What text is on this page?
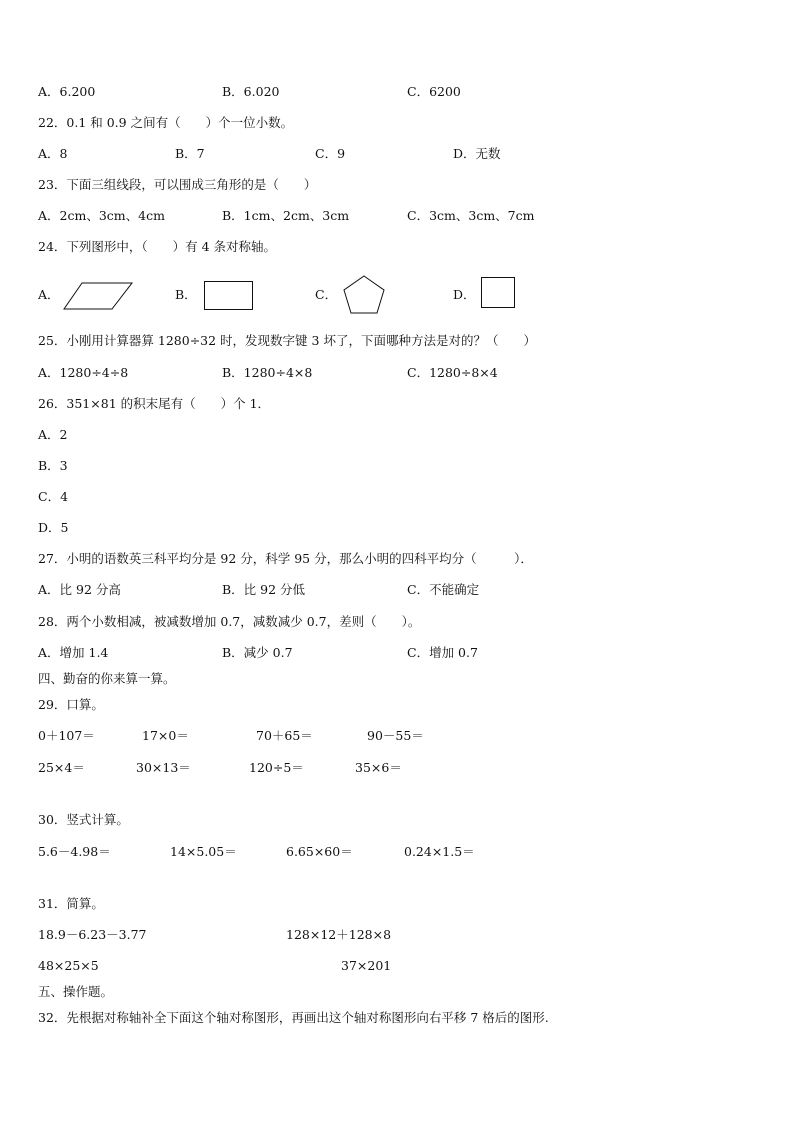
A．6.200	B．6.020	C．6200
22．0.1 和 0.9 之间有（　　）个一位小数。
A．8	B．7	C．9	D．无数
23．下面三组线段，可以围成三角形的是（　　）
A．2cm、3cm、4cm	B．1cm、2cm、3cm	C．3cm、3cm、7cm
24．下列图形中，（　　）有 4 条对称轴。
A．	B．	C．	D．
25．小刚用计算器算 1280÷32 时，发现数字键 3 坏了，下面哪种方法是对的？（　　）
A．1280÷4÷8	B．1280÷4×8	C．1280÷8×4
26．351×81 的积末尾有（　　）个 1．
A．2
B．3
C．4
D．5
27．小明的语数英三科平均分是 92 分，科学 95 分，那么小明的四科平均分（　　　）．
A．比 92 分高	B．比 92 分低	C．不能确定
28．两个小数相减，被减数增加 0.7，减数减少 0.7，差则（　　）。
A．增加 1.4	B．减少 0.7	C．增加 0.7
四、勤奋的你来算一算。
29．口算。
0＋107＝	17×0＝	70＋65＝	90－55＝
25×4＝	30×13＝	120÷5＝	35×6＝
30．竖式计算。
5.6－4.98＝	14×5.05＝	6.65×60＝	0.24×1.5＝
31．简算。
18.9－6.23－3.77	128×12＋128×8
48×25×5	37×201
五、操作题。
32．先根据对称轴补全下面这个轴对称图形，再画出这个轴对称图形向右平移 7 格后的图形.
